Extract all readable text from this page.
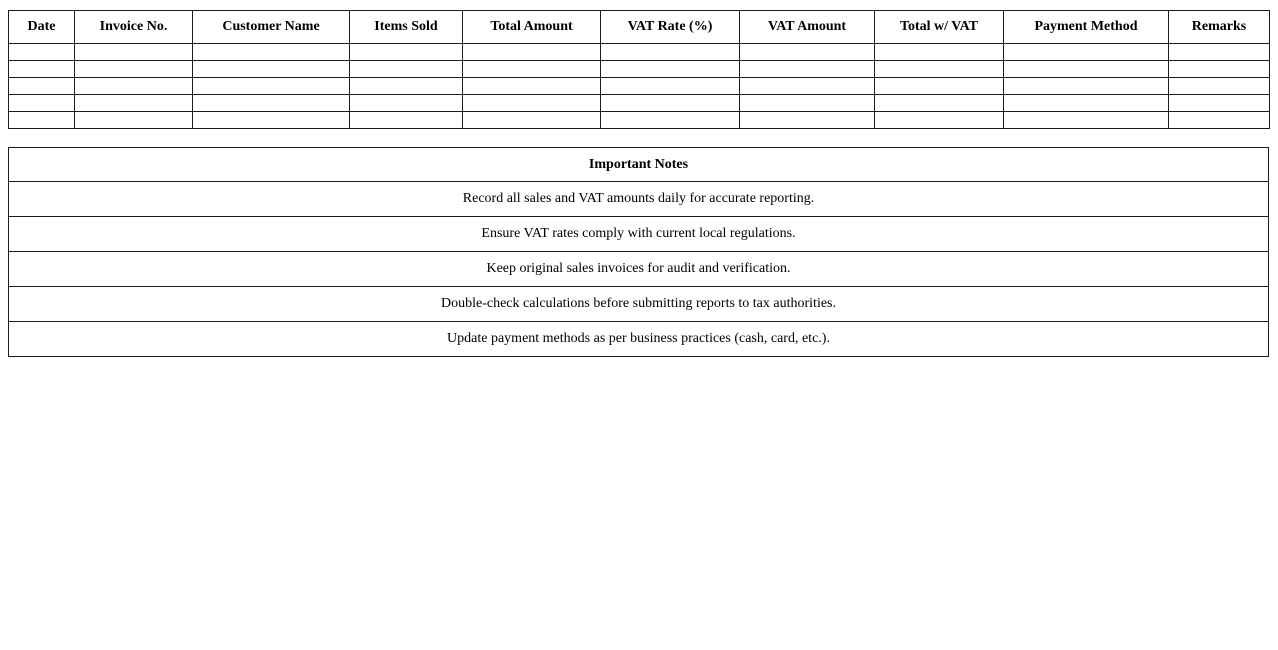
Date	Invoice No.	Customer Name	Items Sold	Total Amount	VAT Rate (%)	VAT Amount	Total w/ VAT	Payment Method	Remarks

Important Notes
Record all sales and VAT amounts daily for accurate reporting.
Ensure VAT rates comply with current local regulations.
Keep original sales invoices for audit and verification.
Double-check calculations before submitting reports to tax authorities.
Update payment methods as per business practices (cash, card, etc.).
